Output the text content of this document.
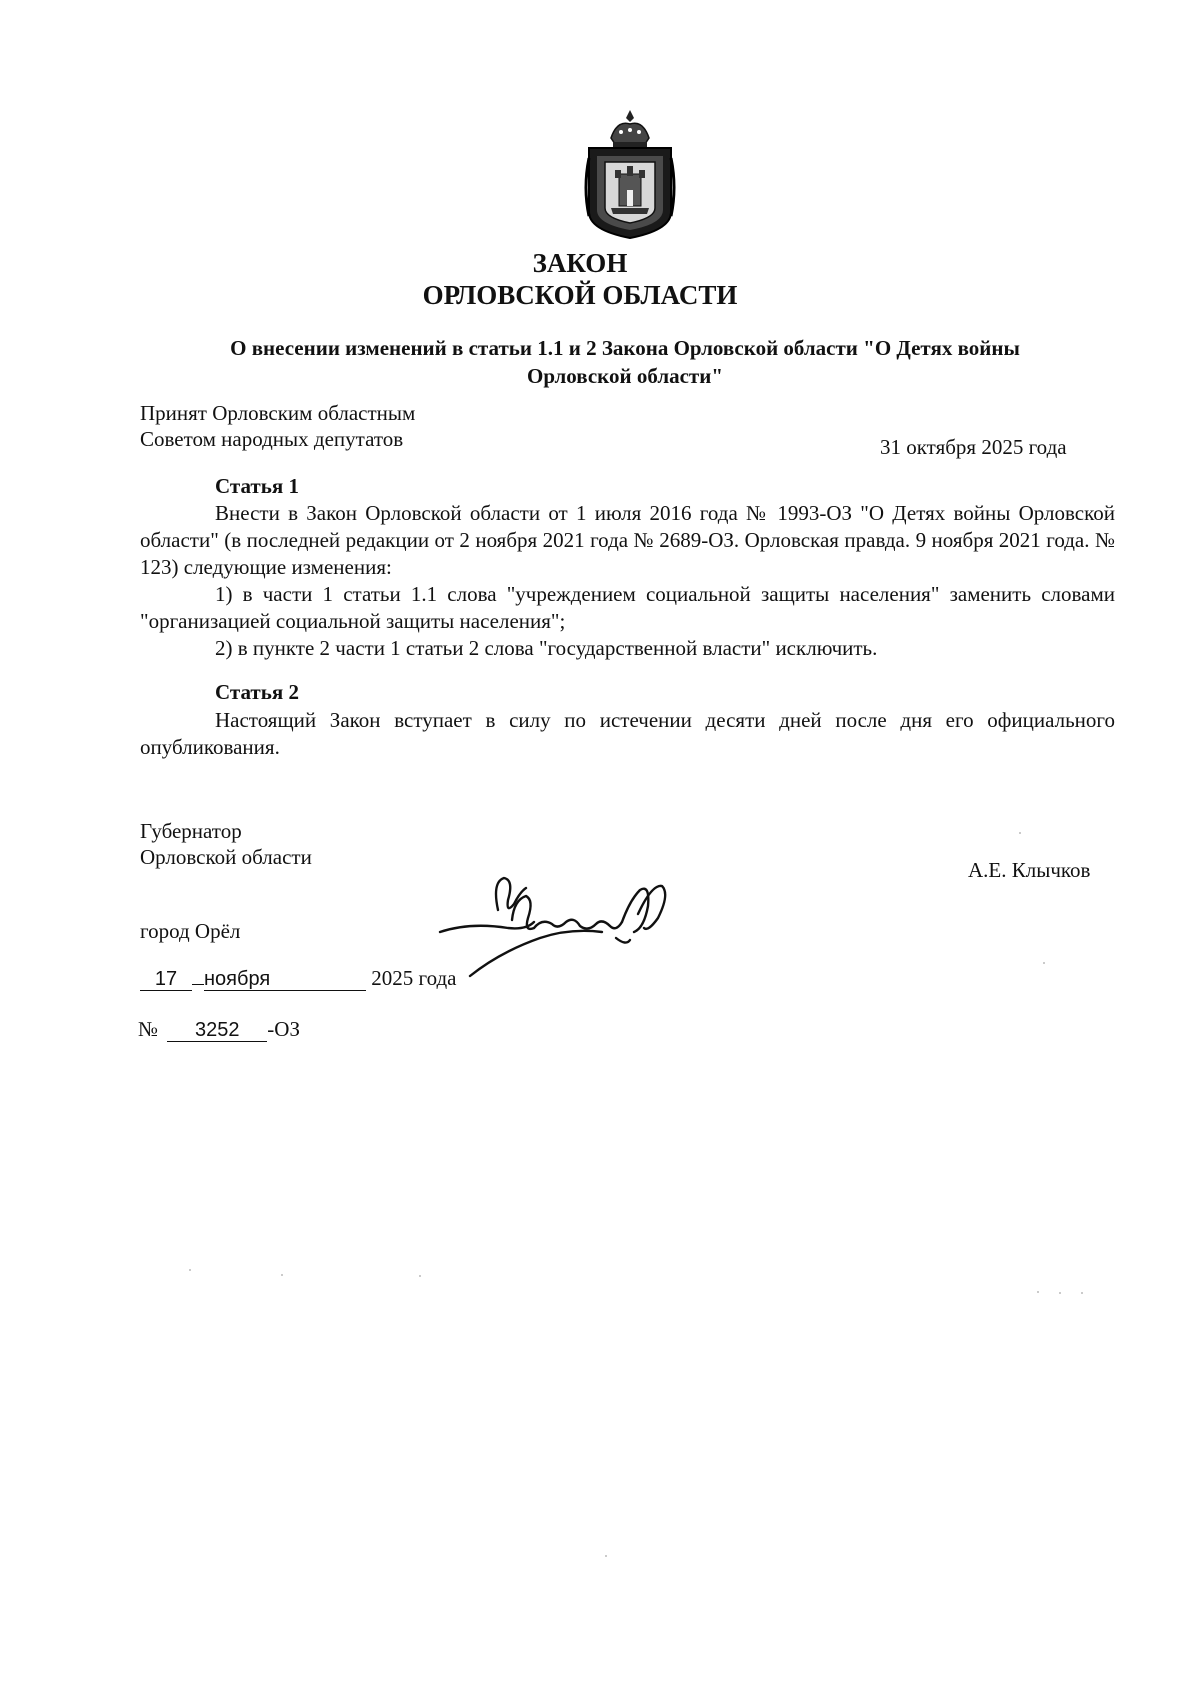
ЗАКОН
ОРЛОВСКОЙ ОБЛАСТИ
О внесении изменений в статьи 1.1 и 2 Закона Орловской области "О Детях войны
Орловской области"
Принят Орловским областным
Советом народных депутатов	31 октября 2025 года
Статья 1
Внести в Закон Орловской области от 1 июля 2016 года № 1993-ОЗ "О Детях войны Орловской области" (в последней редакции от 2 ноября 2021 года № 2689-ОЗ. Орловская правда. 9 ноября 2021 года. № 123) следующие изменения:
1) в части 1 статьи 1.1 слова "учреждением социальной защиты населения" заменить словами "организацией социальной защиты населения";
2) в пункте 2 части 1 статьи 2 слова "государственной власти" исключить.
Статья 2
Настоящий Закон вступает в силу по истечении десяти дней после дня его официального опубликования.
Губернатор
Орловской области
А.Е. Клычков
город Орёл
17 ноября	2025 года
№ 3252 -ОЗ
